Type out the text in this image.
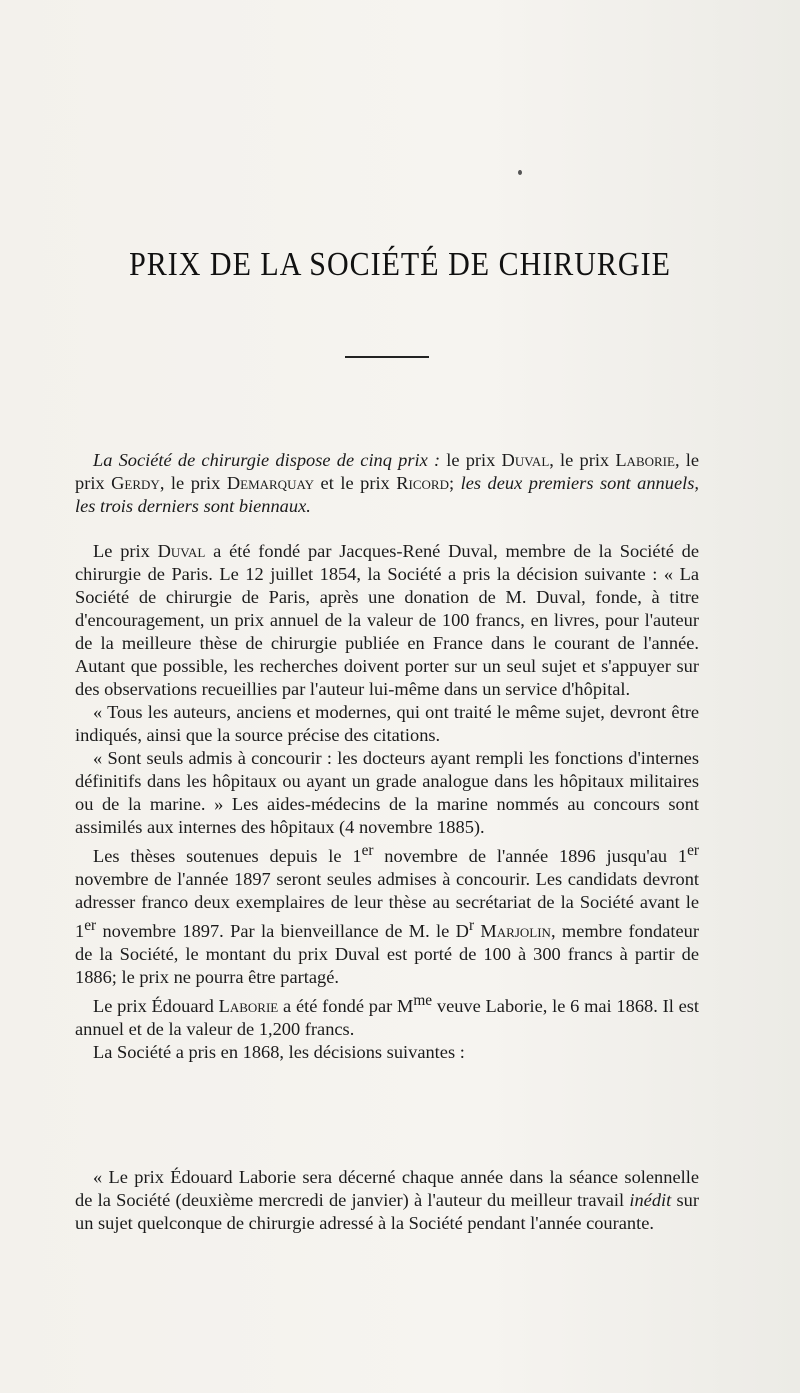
PRIX DE LA SOCIÉTÉ DE CHIRURGIE

La Société de chirurgie dispose de cinq prix : le prix Duval, le prix Laborie, le prix Gerdy, le prix Demarquay et le prix Ricord; les deux premiers sont annuels, les trois derniers sont biennaux.

Le prix Duval a été fondé par Jacques-René Duval, membre de la Société de chirurgie de Paris. Le 12 juillet 1854, la Société a pris la décision suivante : « La Société de chirurgie de Paris, après une donation de M. Duval, fonde, à titre d'encouragement, un prix annuel de la valeur de 100 francs, en livres, pour l'auteur de la meilleure thèse de chirurgie publiée en France dans le courant de l'année. Autant que possible, les recherches doivent porter sur un seul sujet et s'appuyer sur des observations recueillies par l'auteur lui-même dans un service d'hôpital.

« Tous les auteurs, anciens et modernes, qui ont traité le même sujet, devront être indiqués, ainsi que la source précise des citations.

« Sont seuls admis à concourir : les docteurs ayant rempli les fonctions d'internes définitifs dans les hôpitaux ou ayant un grade analogue dans les hôpitaux militaires ou de la marine. » Les aides-médecins de la marine nommés au concours sont assimilés aux internes des hôpitaux (4 novembre 1885).

Les thèses soutenues depuis le 1er novembre de l'année 1896 jusqu'au 1er novembre de l'année 1897 seront seules admises à concourir. Les candidats devront adresser franco deux exemplaires de leur thèse au secrétariat de la Société avant le 1er novembre 1897. Par la bienveillance de M. le $D^r$ Marjolin, membre fondateur de la Société, le montant du prix Duval est porté de 100 à 300 francs à partir de 1886; le prix ne pourra être partagé.

Le prix Édouard Laborie a été fondé par $M^{me}$ veuve Laborie, le 6 mai 1868. Il est annuel et de la valeur de 1,200 francs.

La Société a pris en 1868, les décisions suivantes :

« Le prix Édouard Laborie sera décerné chaque année dans la séance solennelle de la Société (deuxième mercredi de janvier) à l'auteur du meilleur travail inédit sur un sujet quelconque de chirurgie adressé à la Société pendant l'année courante.
